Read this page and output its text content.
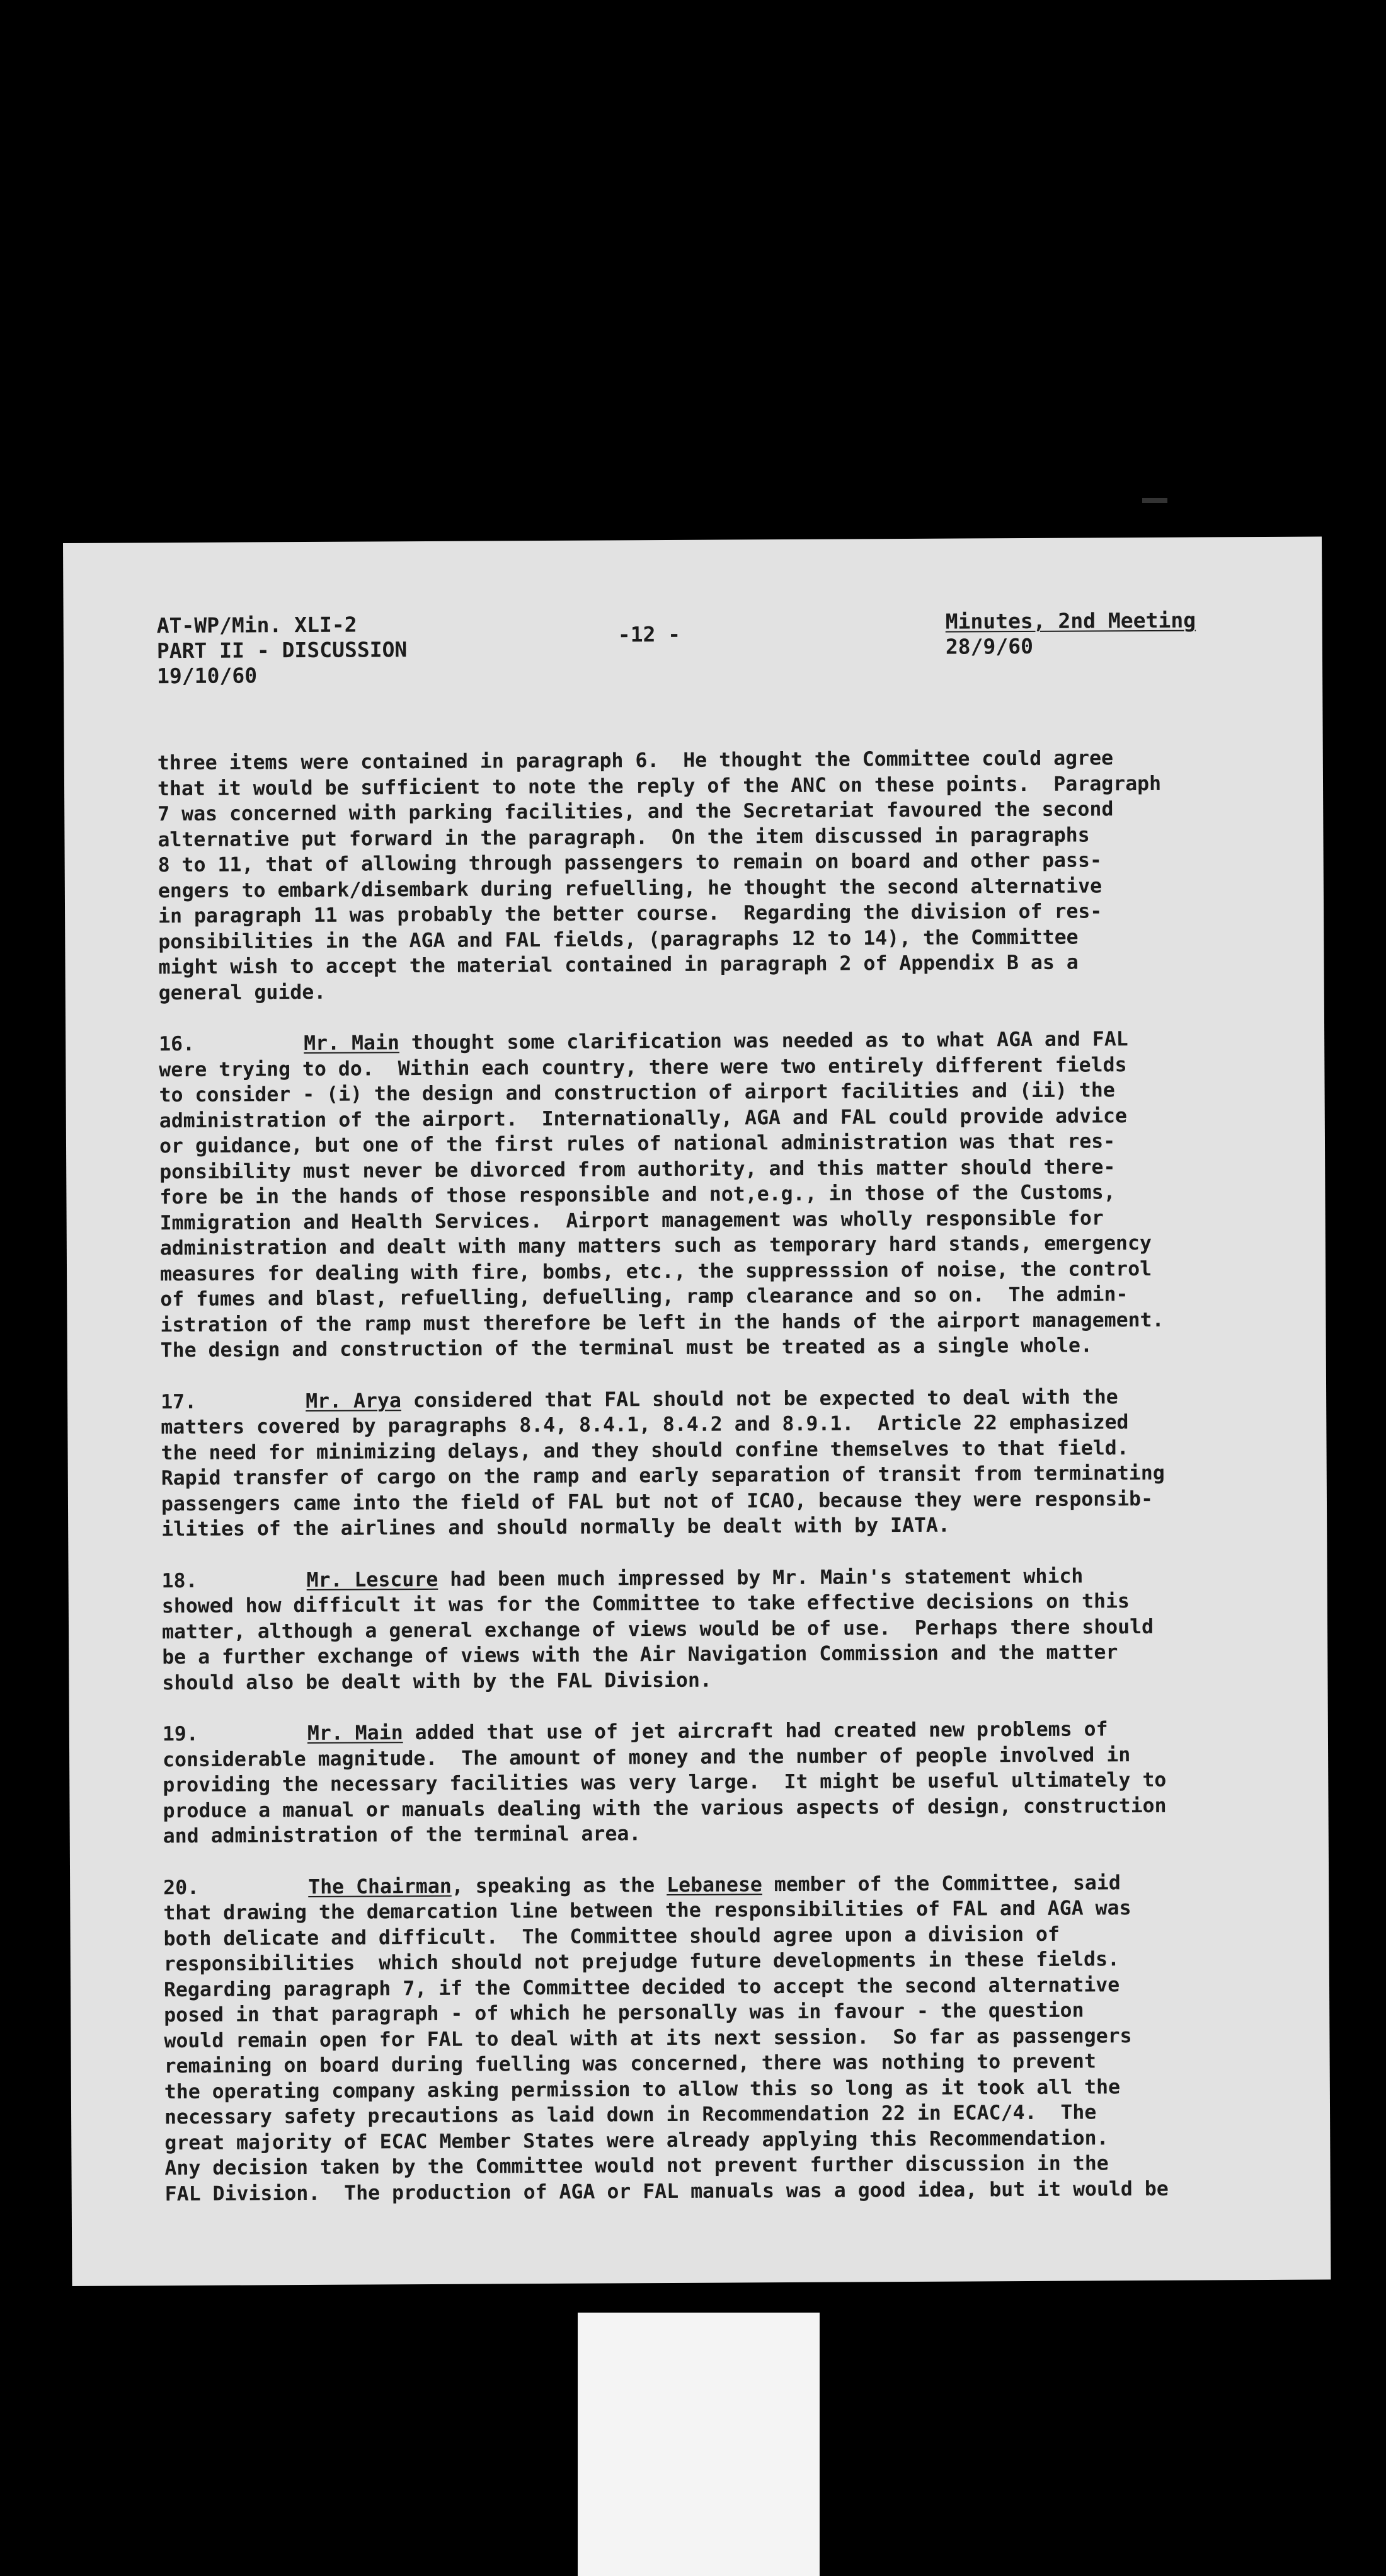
AT-WP/Min. XLI-2
PART II - DISCUSSION
19/10/60
-12 -
Minutes, 2nd Meeting
28/9/60
three items were contained in paragraph 6.  He thought the Committee could agree
that it would be sufficient to note the reply of the ANC on these points.  Paragraph
7 was concerned with parking facilities, and the Secretariat favoured the second
alternative put forward in the paragraph.  On the item discussed in paragraphs
8 to 11, that of allowing through passengers to remain on board and other pass-
engers to embark/disembark during refuelling, he thought the second alternative
in paragraph 11 was probably the better course.  Regarding the division of res-
ponsibilities in the AGA and FAL fields, (paragraphs 12 to 14), the Committee
might wish to accept the material contained in paragraph 2 of Appendix B as a
general guide.
16.	Mr. Main thought some clarification was needed as to what AGA and FAL
were trying to do.  Within each country, there were two entirely different fields
to consider - (i) the design and construction of airport facilities and (ii) the
administration of the airport.  Internationally, AGA and FAL could provide advice
or guidance, but one of the first rules of national administration was that res-
ponsibility must never be divorced from authority, and this matter should there-
fore be in the hands of those responsible and not,e.g., in those of the Customs,
Immigration and Health Services.  Airport management was wholly responsible for
administration and dealt with many matters such as temporary hard stands, emergency
measures for dealing with fire, bombs, etc., the suppresssion of noise, the control
of fumes and blast, refuelling, defuelling, ramp clearance and so on.  The admin-
istration of the ramp must therefore be left in the hands of the airport management.
The design and construction of the terminal must be treated as a single whole.
17.	Mr. Arya considered that FAL should not be expected to deal with the
matters covered by paragraphs 8.4, 8.4.1, 8.4.2 and 8.9.1.  Article 22 emphasized
the need for minimizing delays, and they should confine themselves to that field.
Rapid transfer of cargo on the ramp and early separation of transit from terminating
passengers came into the field of FAL but not of ICAO, because they were responsib-
ilities of the airlines and should normally be dealt with by IATA.
18.	Mr. Lescure had been much impressed by Mr. Main's statement which
showed how difficult it was for the Committee to take effective decisions on this
matter, although a general exchange of views would be of use.  Perhaps there should
be a further exchange of views with the Air Navigation Commission and the matter
should also be dealt with by the FAL Division.
19.	Mr. Main added that use of jet aircraft had created new problems of
considerable magnitude.  The amount of money and the number of people involved in
providing the necessary facilities was very large.  It might be useful ultimately to
produce a manual or manuals dealing with the various aspects of design, construction
and administration of the terminal area.
20.	The Chairman, speaking as the Lebanese member of the Committee, said
that drawing the demarcation line between the responsibilities of FAL and AGA was
both delicate and difficult.  The Committee should agree upon a division of
responsibilities  which should not prejudge future developments in these fields.
Regarding paragraph 7, if the Committee decided to accept the second alternative
posed in that paragraph - of which he personally was in favour - the question
would remain open for FAL to deal with at its next session.  So far as passengers
remaining on board during fuelling was concerned, there was nothing to prevent
the operating company asking permission to allow this so long as it took all the
necessary safety precautions as laid down in Recommendation 22 in ECAC/4.  The
great majority of ECAC Member States were already applying this Recommendation.
Any decision taken by the Committee would not prevent further discussion in the
FAL Division.  The production of AGA or FAL manuals was a good idea, but it would be
